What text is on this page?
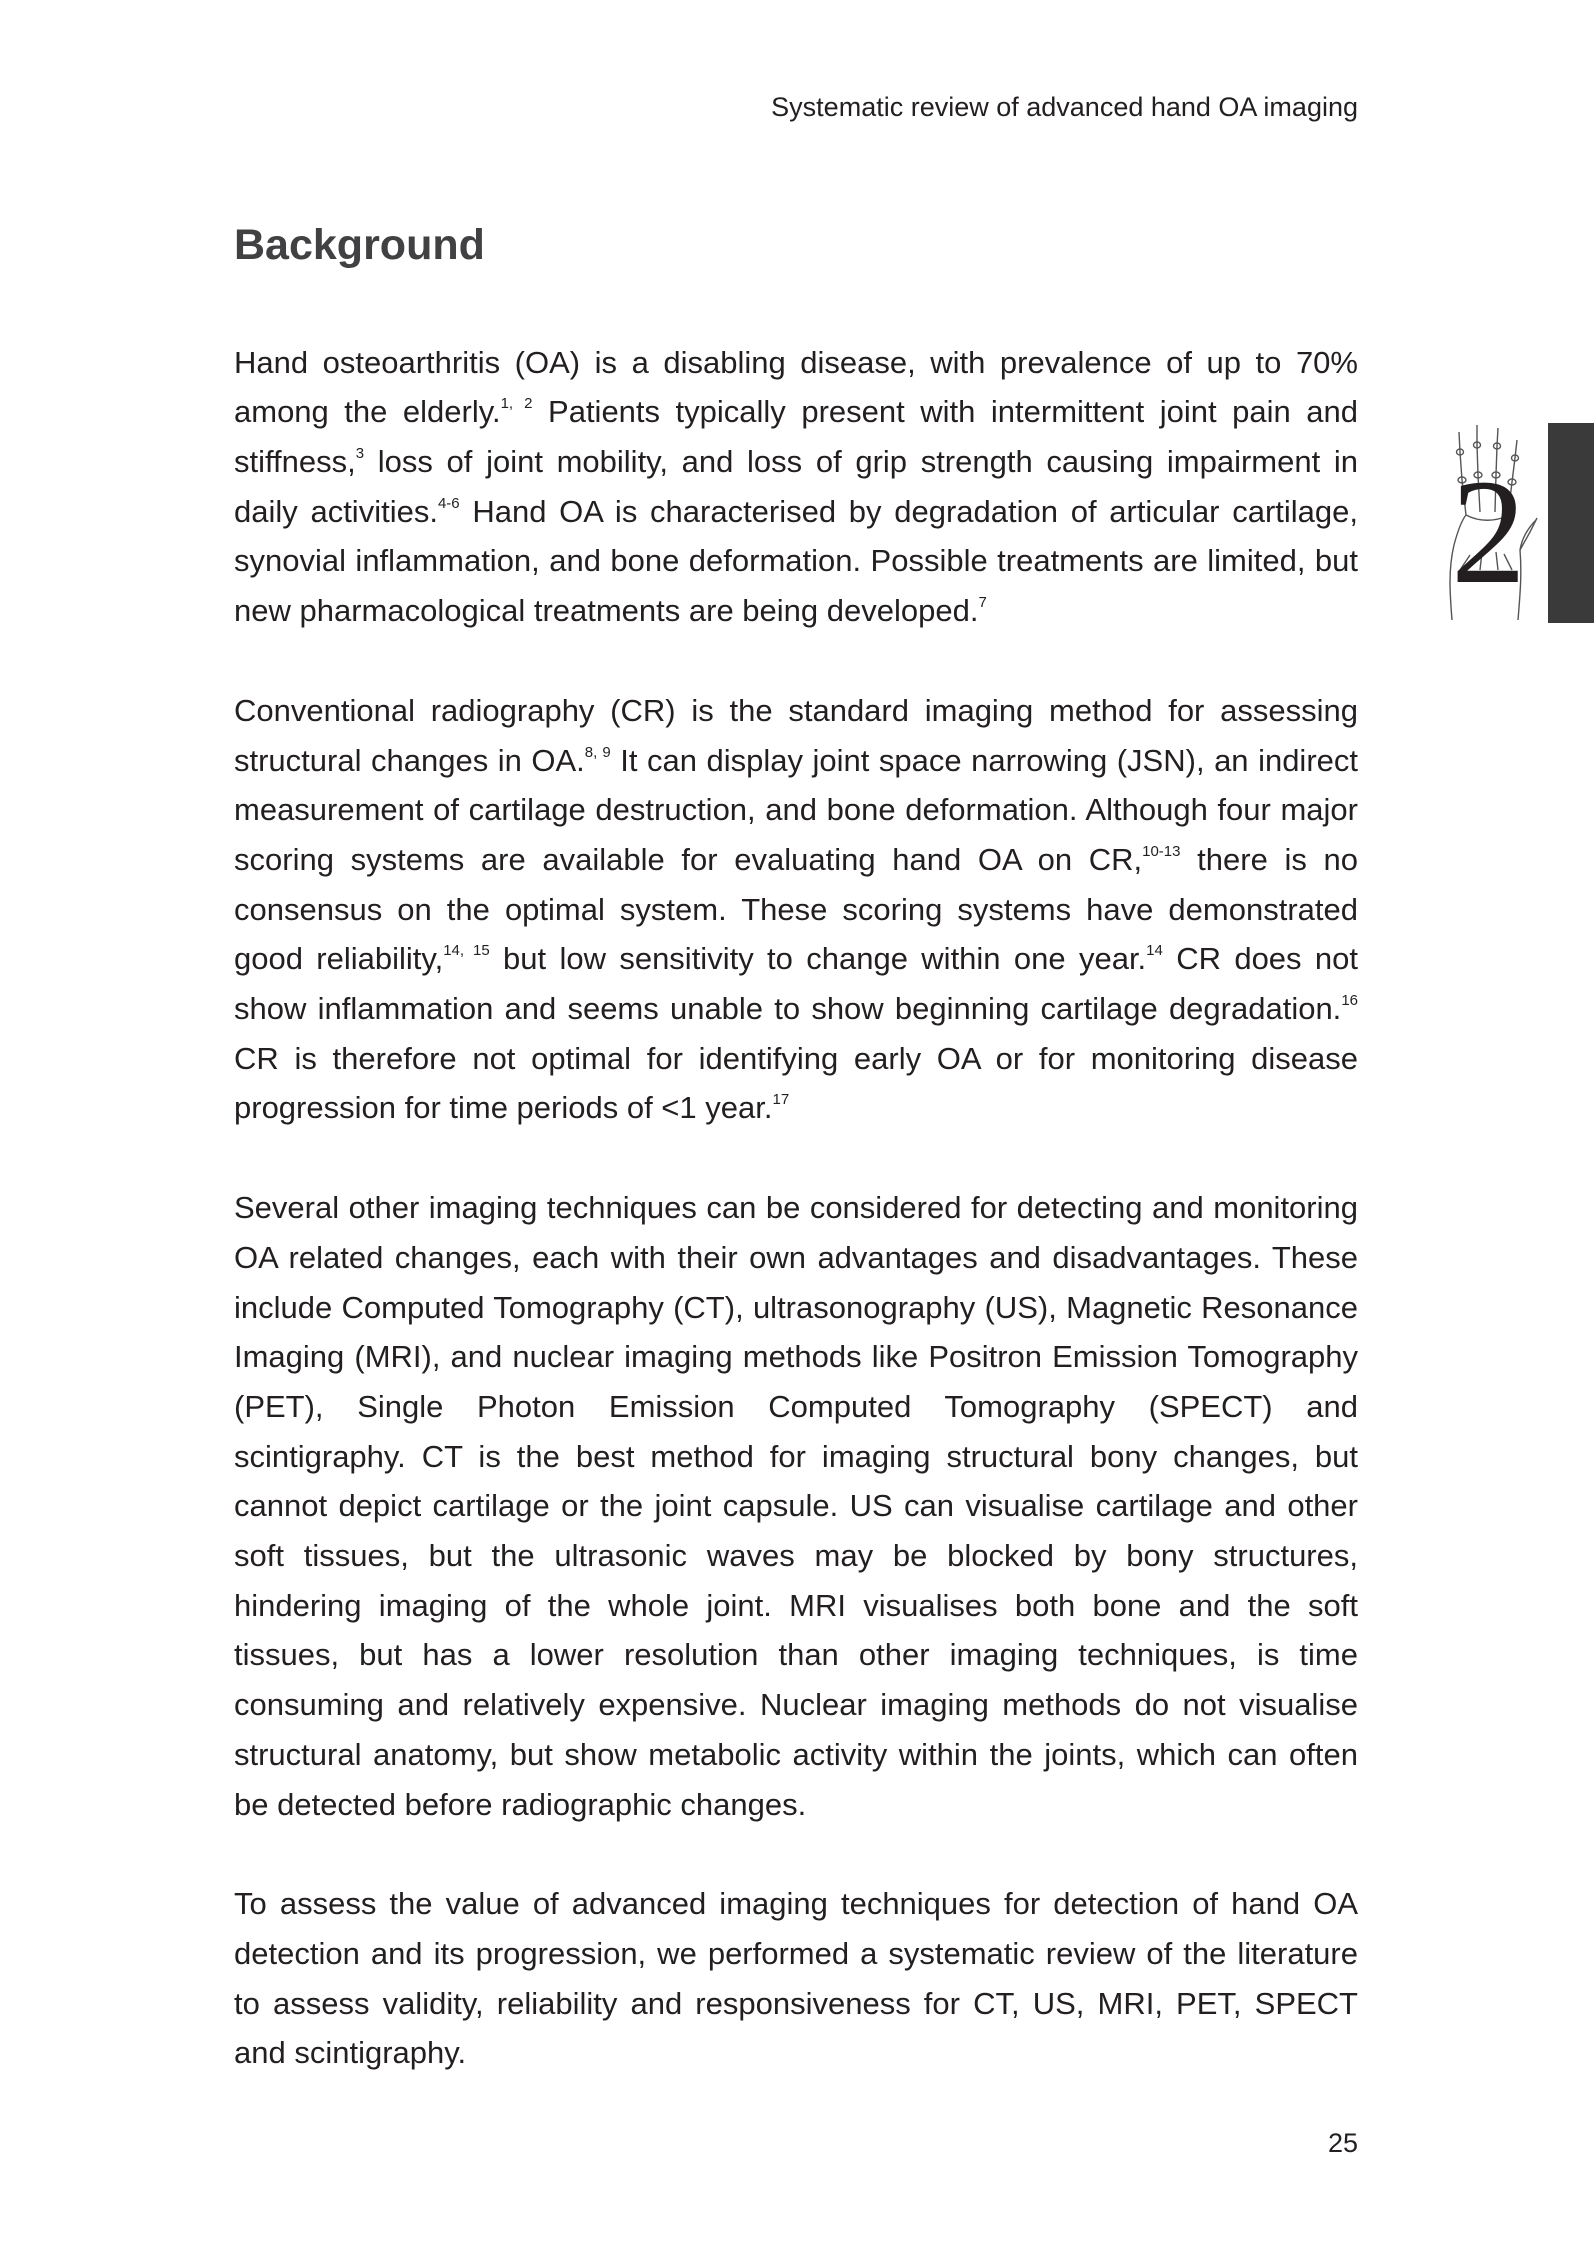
Systematic review of advanced hand OA imaging
2
Background

Hand osteoarthritis (OA) is a disabling disease, with prevalence of up to 70% among the elderly.$^{1, 2}$ Patients typically present with intermittent joint pain and stiffness,$^3$ loss of joint mobility, and loss of grip strength causing impairment in daily activities.$^{4-6}$ Hand OA is characterised by degradation of articular cartilage, synovial inflammation, and bone deformation. Possible treatments are limited, but new pharmacological treatments are being developed.$^7$

Conventional radiography (CR) is the standard imaging method for assessing structural changes in OA.$^{8, 9}$ It can display joint space narrowing (JSN), an indirect measurement of cartilage destruction, and bone deformation. Although four major scoring systems are available for evaluating hand OA on CR,$^{10-13}$ there is no consensus on the optimal system. These scoring systems have demonstrated good reliability,$^{14, 15}$ but low sensitivity to change within one year.$^{14}$ CR does not show inflammation and seems unable to show beginning cartilage degradation.$^{16}$ CR is therefore not optimal for identifying early OA or for monitoring disease progression for time periods of <1 year.$^{17}$

Several other imaging techniques can be considered for detecting and monitoring OA related changes, each with their own advantages and disadvantages. These include Computed Tomography (CT), ultrasonography (US), Magnetic Resonance Imaging (MRI), and nuclear imaging methods like Positron Emission Tomography (PET), Single Photon Emission Computed Tomography (SPECT) and scintigraphy. CT is the best method for imaging structural bony changes, but cannot depict cartilage or the joint capsule. US can visualise cartilage and other soft tissues, but the ultrasonic waves may be blocked by bony structures, hindering imaging of the whole joint. MRI visualises both bone and the soft tissues, but has a lower resolution than other imaging techniques, is time consuming and relatively expensive. Nuclear imaging methods do not visualise structural anatomy, but show metabolic activity within the joints, which can often be detected before radiographic changes.

To assess the value of advanced imaging techniques for detection of hand OA detection and its progression, we performed a systematic review of the literature to assess validity, reliability and responsiveness for CT, US, MRI, PET, SPECT and scintigraphy.

25
